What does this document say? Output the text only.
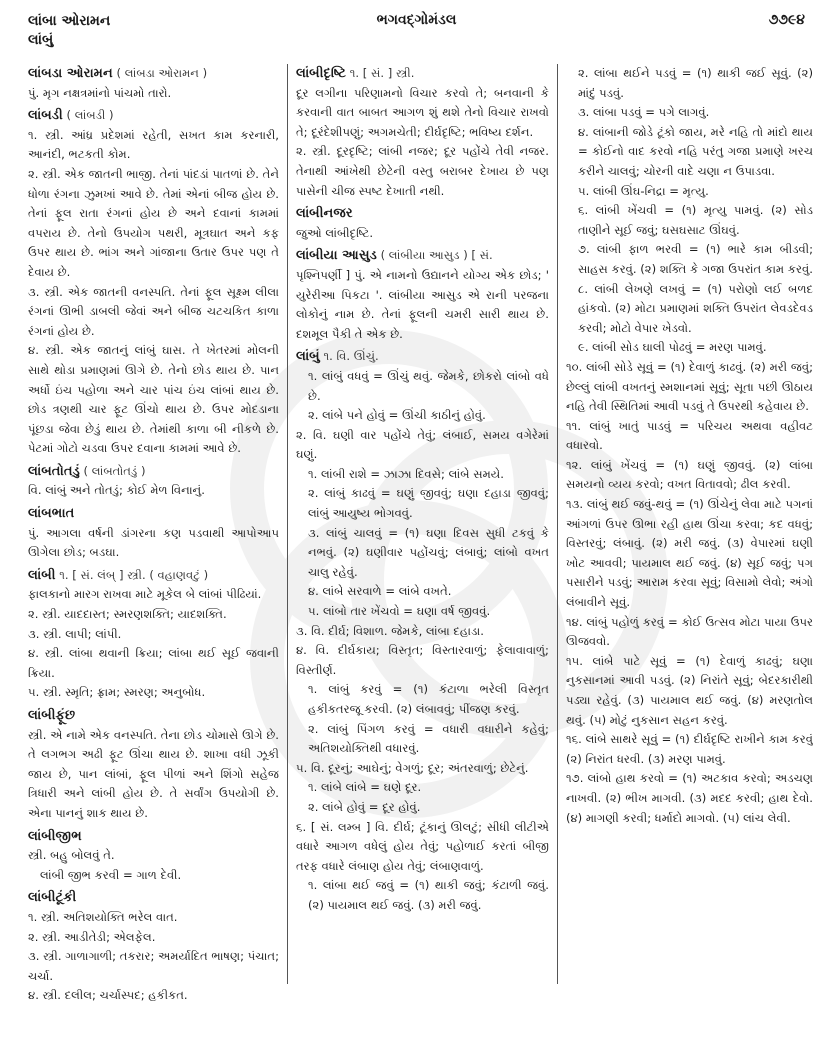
લાંબા ઓરામન
લાંબું
ભગવદ્ગોમંડલ	૭૭૯૪

લાંબડા ઓરામન ( લાંબડા ઓરામન )

પું. મૃગ નક્ષત્રમાંનો પાંચમો તારો.

લાંબડી ( લાંબડી )

૧. સ્ત્રી. આંધ્ર પ્રદેશમાં રહેતી, સખત કામ કરનારી, આનંદી, ભટકતી કોમ.
૨. સ્ત્રી. એક જાતની ભાજી. તેનાં પાંદડાં પાતળાં છે. તેને ધોળા રંગના ઝુમખાં આવે છે. તેમાં એનાં બીજ હોય છે. તેનાં ફૂલ રાતા રંગનાં હોય છે અને દવાનાં કામમાં વપરાય છે. તેનો ઉપયોગ પથરી, મૂત્રઘાત અને કફ ઉપર થાય છે. ભાંગ અને ગાંજાના ઉતાર ઉપર પણ તે દેવાય છે.
૩. સ્ત્રી. એક જાતની વનસ્પતિ. તેનાં ફૂલ સૂક્ષ્મ લીલા રંગનાં ઊભી ડાબલી જેવાં અને બીજ ચટચકિત કાળા રંગનાં હોય છે.
૪. સ્ત્રી. એક જાતનું લાંબું ઘાસ. તે ખેતરમાં મોલની સાથે થોડા પ્રમાણમાં ઊગે છે. તેનો છોડ થાય છે. પાન અર્ધો ઇંચ પહોળા અને ચાર પાંચ ઇંચ લાંબાં થાય છે. છોડ ત્રણથી ચાર ફૂટ ઊંચો થાય છે. ઉપર મોદડાના પૂંછડા જેવા છેડું થાય છે. તેમાંથી કાળા બી નીકળે છે. પેટમાં ગોટો ચડવા ઉપર દવાના કામમાં આવે છે.

લાંબતોતડું ( લાંબતોતડું )

વિ. લાંબું અને તોતડું; કોઈ મેળ વિનાનું.

લાંબભાત

પું. આગલા વર્ષની ડાંગરના કણ પડવાથી આપોઆપ ઊગેલા છોડ; બડઘા.

લાંબી ૧. [ સં. લંબ્ ] સ્ત્રી. ( વહાણવટું )

ફાલકાનો મારગ રાખવા માટે મૂકેલ બે લાંબાં પીઢિયાં.
૨. સ્ત્રી. યાદદાસ્ત; સ્મરણશક્તિ; યાદશક્તિ.
૩. સ્ત્રી. લાપી; લાંપી.
૪. સ્ત્રી. લાંબા થવાની ક્રિયા; લાંબા થઈ સૂઈ જવાની ક્રિયા.
૫. સ્ત્રી. સ્મૃતિ; ફ્રામ; સ્મરણ; અનુબોધ.

લાંબીફૂંછ

સ્ત્રી. એ નામે એક વનસ્પતિ. તેના છોડ ચોમાસે ઊગે છે. તે લગભગ અઢી ફૂટ ઊંચા થાય છે. શાખા વધી ઝૂકી જાય છે, પાન લાંબાં, ફૂલ પીળાં અને શિંગો સહેજ ત્રિધારી અને લાંબી હોય છે. તે સર્વાંગ ઉપયોગી છે. એના પાનનું શાક થાય છે.

લાંબીજીભ

સ્ત્રી. બહુ બોલવું તે.
લાંબી જીભ કરવી = ગાળ દેવી.

લાંબીટૂંકી

૧. સ્ત્રી. અતિશયોક્તિ ભરેલ વાત.
૨. સ્ત્રી. આડીતેડી; એલફેલ.
૩. સ્ત્રી. ગાળાગાળી; તકરાર; અમર્યાદિત ભાષણ; પંચાત; ચર્ચા.
૪. સ્ત્રી. દલીલ; ચર્ચાસ્પદ; હકીકત.

લાંબીદૃષ્ટિ ૧. [ સં. ] સ્ત્રી.

દૂર લગીના પરિણામનો વિચાર કરવો તે; બનવાની કે કરવાની વાત બાબત આગળ શું થશે તેનો વિચાર રાખવો તે; દૂરંદેશીપણું; અગમચેતી; દીર્ઘદૃષ્ટિ; ભવિષ્ય દર્શન.
૨. સ્ત્રી. દૂરદૃષ્ટિ; લાંબી નજર; દૂર પહોંચે તેવી નજર. તેનાથી આંખેથી છેટેની વસ્તુ બરાબર દેખાય છે પણ પાસેની ચીજ સ્પષ્ટ દેખાતી નથી.

લાંબીનજર

જુઓ લાંબીદૃષ્ટિ.

લાંબીયા આસુડ ( લાંબીયા આસુડ ) [ સં.

પૃશ્નિપર્ણી ] પું. એ નામનો ઉદ્યાનને યોગ્ય એક છોડ; ' યુરેરીઆ પિકટા '. લાંબીયા આસુડ એ રાની પરજના લોકોનું નામ છે. તેનાં ફૂલની ચમરી સારી થાય છે. દશમૂલ પૈકી તે એક છે.

લાંબું ૧. વિ. ઊંચું.

૧. લાંબું વધવું = ઊંચું થવું. જેમકે, છોકરો લાંબો વધે છે.
૨. લાંબે પને હોવું = ઊંચી કાઠીનું હોવું.
૨. વિ. ઘણી વાર પહોંચે તેવું; લંબાઈ, સમય વગેરેમાં ઘણું.
૧. લાંબી રાશે = ઝાઝા દિવસે; લાંબે સમયે.
૨. લાંબું કાઢવું = ઘણું જીવવું; ઘણા દહાડા જીવવું; લાંબું આયુષ્ય ભોગવવું.
૩. લાંબું ચાલવું = (૧) ઘણા દિવસ સુધી ટકવું કે નભવું. (૨) ઘણીવાર પહોંચવું; લંબાવું; લાંબો વખત ચાલુ રહેવું.
૪. લાંબે સરવાળે = લાંબે વખતે.
૫. લાંબો તાર ખેંચવો = ઘણા વર્ષ જીવવું.
૩. વિ. દીર્ઘ; વિશાળ. જેમકે, લાંબા દહાડા.
૪. વિ. દીર્ઘકાય; વિસ્તૃત; વિસ્તારવાળું; ફેલાવાવાળું; વિસ્તીર્ણ.
૧. લાંબું કરવું = (૧) કંટાળા ભરેલી વિસ્તૃત હકીકતરજૂ કરવી. (૨) લંબાવવું; પીંજણ કરવું.
૨. લાંબું પિંગળ કરવું = વધારી વધારીને કહેવું; અતિશયોક્તિથી વધારવું.
૫. વિ. દૂરનું; આઘેનું; વેગળું; દૂર; અંતરવાળું; છેટેનું.
૧. લાંબે લાંબે = ઘણે દૂર.
૨. લાંબે હોવું = દૂર હોવું.
૬. [ સં. લમ્બ ] વિ. દીર્ઘ; ટૂંકાનું ઊલટું; સીધી લીટીએ વધારે આગળ વધેલું હોય તેવું; પહોળાઈ કરતાં બીજી તરફ વધારે લંબાણ હોય તેવું; લંબાણવાળું.
૧. લાંબા થઈ જવું = (૧) થાકી જવું; કંટાળી જવું. (૨) પાયમાલ થઈ જવું. (૩) મરી જવું.
૨. લાંબા થઈને પડવું = (૧) થાકી જઈ સૂવું. (૨) માંદું પડવું.
૩. લાંબા પડવું = પગે લાગવું.
૪. લાંબાની જોડે ટૂંકો જાય, મરે નહિ તો માંદો થાય = કોઈનો વાદ કરવો નહિ પરંતુ ગજા પ્રમાણે ખરચ કરીને ચાલવું; ચોરની વાદે ચણા ન ઉપાડવા.
૫. લાંબી ઊંઘ-નિદ્રા = મૃત્યુ.
૬. લાંબી ખેંચવી = (૧) મૃત્યુ પામવું. (૨) સોડ તાણીને સૂઈ જવું; ઘસઘસાટ ઊંઘવું.
૭. લાંબી ફાળ ભરવી = (૧) ભારે કામ બીડવી; સાહસ કરવું. (૨) શક્તિ કે ગજા ઉપરાંત કામ કરવું.
૮. લાંબી લેખણે લખવું = (૧) પરોણો લઈ બળદ હાંકવો. (૨) મોટા પ્રમાણમાં શક્તિ ઉપરાંત લેવડદેવડ કરવી; મોટો વેપાર ખેડવો.
૯. લાંબી સોડ ઘાલી પોઢવું = મરણ પામવું.
૧૦. લાંબી સોડે સૂવું = (૧) દેવાળું કાઢવું. (૨) મરી જવું; છેલ્લું લાંબી વખતનું સ્મશાનમાં સૂવું; સૂતા પછી ઊઠાય નહિ તેવી સ્થિતિમાં આવી પડવું તે ઉપરથી કહેવાય છે.
૧૧. લાંબું ખાતું પાડવું = પરિચય અથવા વહીવટ વધારવો.
૧૨. લાંબું ખેંચવું = (૧) ઘણું જીવવું. (૨) લાંબા સમયનો વ્યય કરવો; વખત વિતાવવો; ઢીલ કરવી.
૧૩. લાંબું થઈ જવું-થવું = (૧) ઊંચેનું લેવા માટે પગનાં આંગળાં ઉપર ઊભા રહી હાથ ઊંચા કરવા; કદ વધવું; વિસ્તરવું; લંબાવું. (૨) મરી જવું. (૩) વેપારમાં ઘણી ખોટ આવવી; પાયમાલ થઈ જવું. (૪) સૂઈ જવું; પગ પસારીને પડવું; આરામ કરવા સૂવું; વિસામો લેવો; અંગો લંબાવીને સૂવું.
૧૪. લાંબું પહોળું કરવું = કોઈ ઉત્સવ મોટા પાયા ઉપર ઊજવવો.
૧૫. લાંબે પાટે સૂવું = (૧) દેવાળું કાઢવું; ઘણા નુકસાનમાં આવી પડવું. (૨) નિરાંતે સૂવું; બેદરકારીથી પડ્યા રહેવું. (૩) પાયમાલ થઈ જવું. (૪) મરણતોલ થવું. (૫) મોટું નુકસાન સહન કરવું.
૧૬. લાંબે સાથરે સૂવું = (૧) દીર્ઘદૃષ્ટિ રાખીને કામ કરવું (૨) નિરાંત ધરવી. (૩) મરણ પામવું.
૧૭. લાંબો હાથ કરવો = (૧) અટકાવ કરવો; અડચણ નાખવી. (૨) ભીખ માગવી. (૩) મદદ કરવી; હાથ દેવો. (૪) માગણી કરવી; ધર્માદો માગવો. (૫) લાંચ લેવી.
